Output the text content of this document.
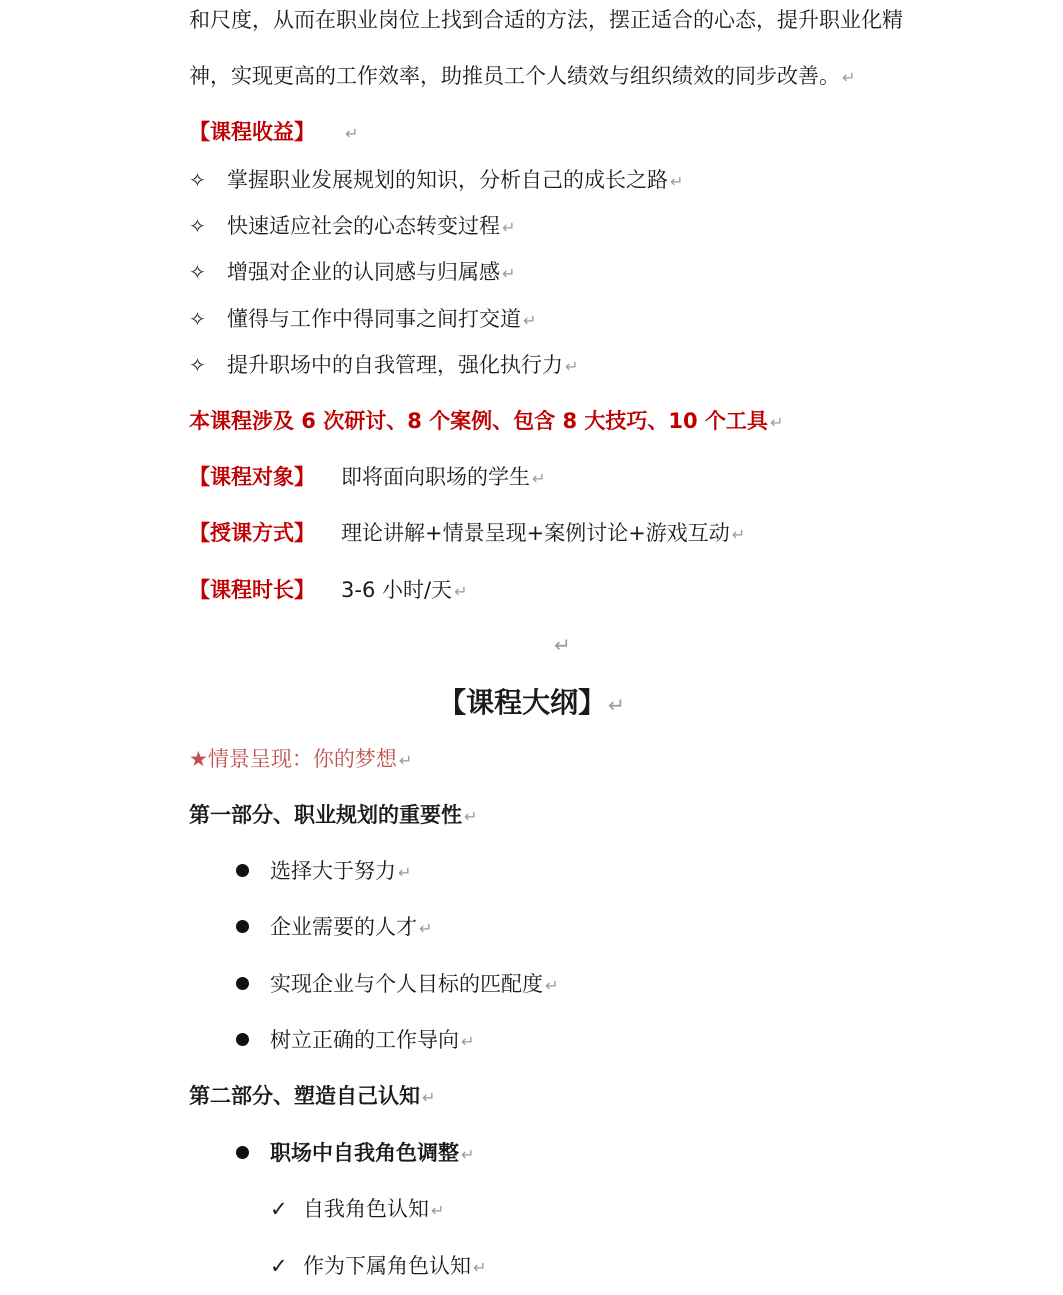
和尺度，从而在职业岗位上找到合适的方法，摆正适合的心态，提升职业化精
神，实现更高的工作效率，助推员工个人绩效与组织绩效的同步改善。 ↵
【课程收益】 ↵
✧ 掌握职业发展规划的知识，分析自己的成长之路 ↵
✧ 快速适应社会的心态转变过程 ↵
✧ 增强对企业的认同感与归属感 ↵
✧ 懂得与工作中得同事之间打交道 ↵
✧ 提升职场中的自我管理，强化执行力 ↵
本课程涉及 6 次研讨、8 个案例、包含 8 大技巧、10 个工具 ↵
【课程对象】 即将面向职场的学生 ↵
【授课方式】 理论讲解+情景呈现+案例讨论+游戏互动 ↵
【课程时长】 3-6 小时/天 ↵
↵
【课程大纲】 ↵
★情景呈现：你的梦想 ↵
第一部分、职业规划的重要性 ↵
选择大于努力 ↵
企业需要的人才 ↵
实现企业与个人目标的匹配度 ↵
树立正确的工作导向 ↵
第二部分、塑造自己认知 ↵
职场中自我角色调整 ↵
✓ 自我角色认知 ↵
✓ 作为下属角色认知 ↵
